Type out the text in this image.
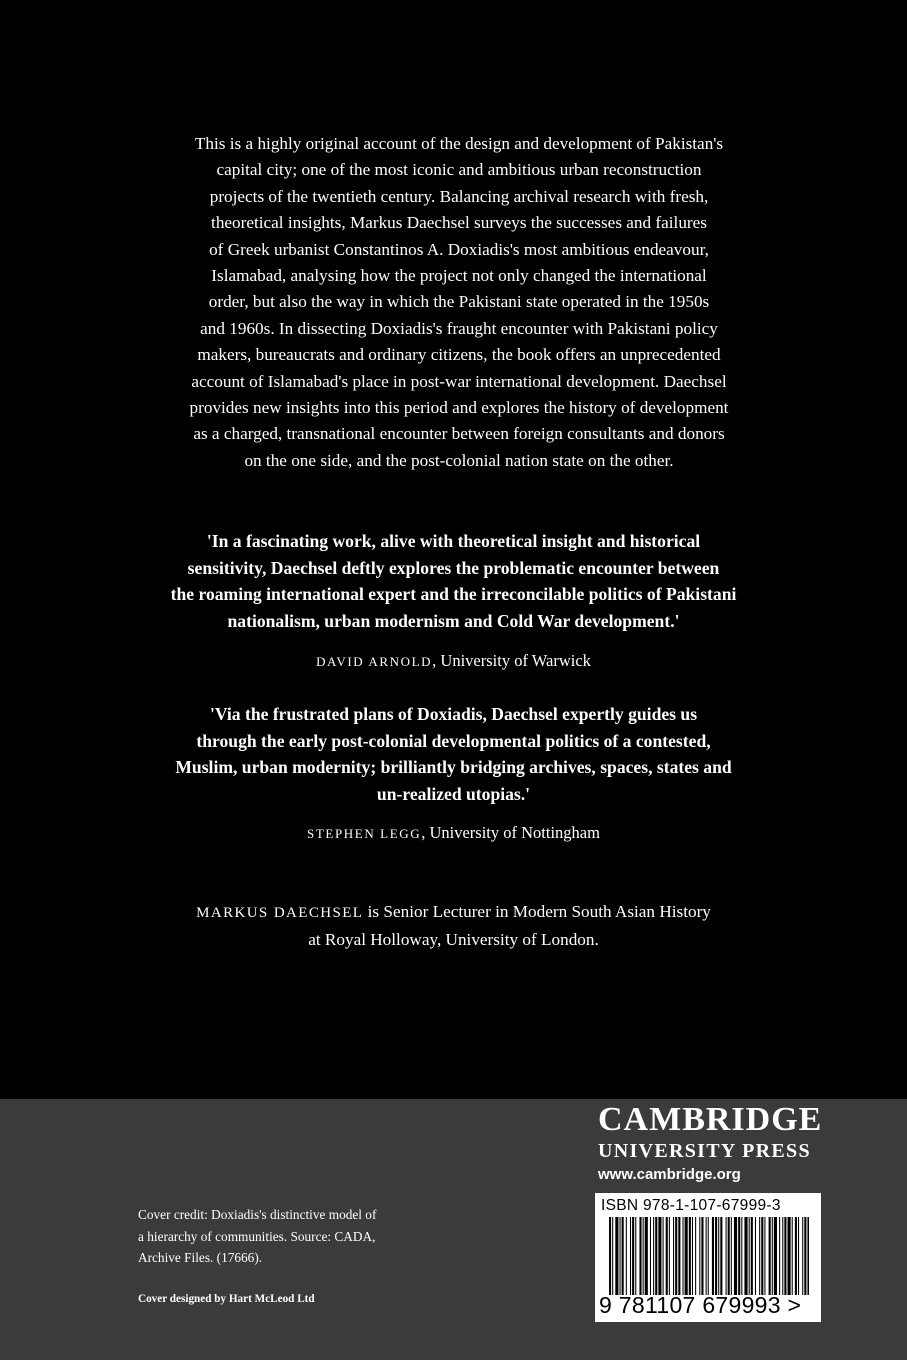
This is a highly original account of the design and development of Pakistan's
capital city; one of the most iconic and ambitious urban reconstruction
projects of the twentieth century. Balancing archival research with fresh,
theoretical insights, Markus Daechsel surveys the successes and failures
of Greek urbanist Constantinos A. Doxiadis's most ambitious endeavour,
Islamabad, analysing how the project not only changed the international
order, but also the way in which the Pakistani state operated in the 1950s
and 1960s. In dissecting Doxiadis's fraught encounter with Pakistani policy
makers, bureaucrats and ordinary citizens, the book offers an unprecedented
account of Islamabad's place in post-war international development. Daechsel
provides new insights into this period and explores the history of development
as a charged, transnational encounter between foreign consultants and donors
on the one side, and the post-colonial nation state on the other.
'In a fascinating work, alive with theoretical insight and historical
sensitivity, Daechsel deftly explores the problematic encounter between
the roaming international expert and the irreconcilable politics of Pakistani
nationalism, urban modernism and Cold War development.'
DAVID ARNOLD, University of Warwick
'Via the frustrated plans of Doxiadis, Daechsel expertly guides us
through the early post-colonial developmental politics of a contested,
Muslim, urban modernity; brilliantly bridging archives, spaces, states and
un-realized utopias.'
STEPHEN LEGG, University of Nottingham
MARKUS DAECHSEL is Senior Lecturer in Modern South Asian History
at Royal Holloway, University of London.
CAMBRIDGE
UNIVERSITY PRESS
www.cambridge.org
ISBN 978-1-107-67999-3
9 781107 679993 >
Cover credit: Doxiadis's distinctive model of
a hierarchy of communities. Source: CADA,
Archive Files. (17666).
Cover designed by Hart McLeod Ltd
